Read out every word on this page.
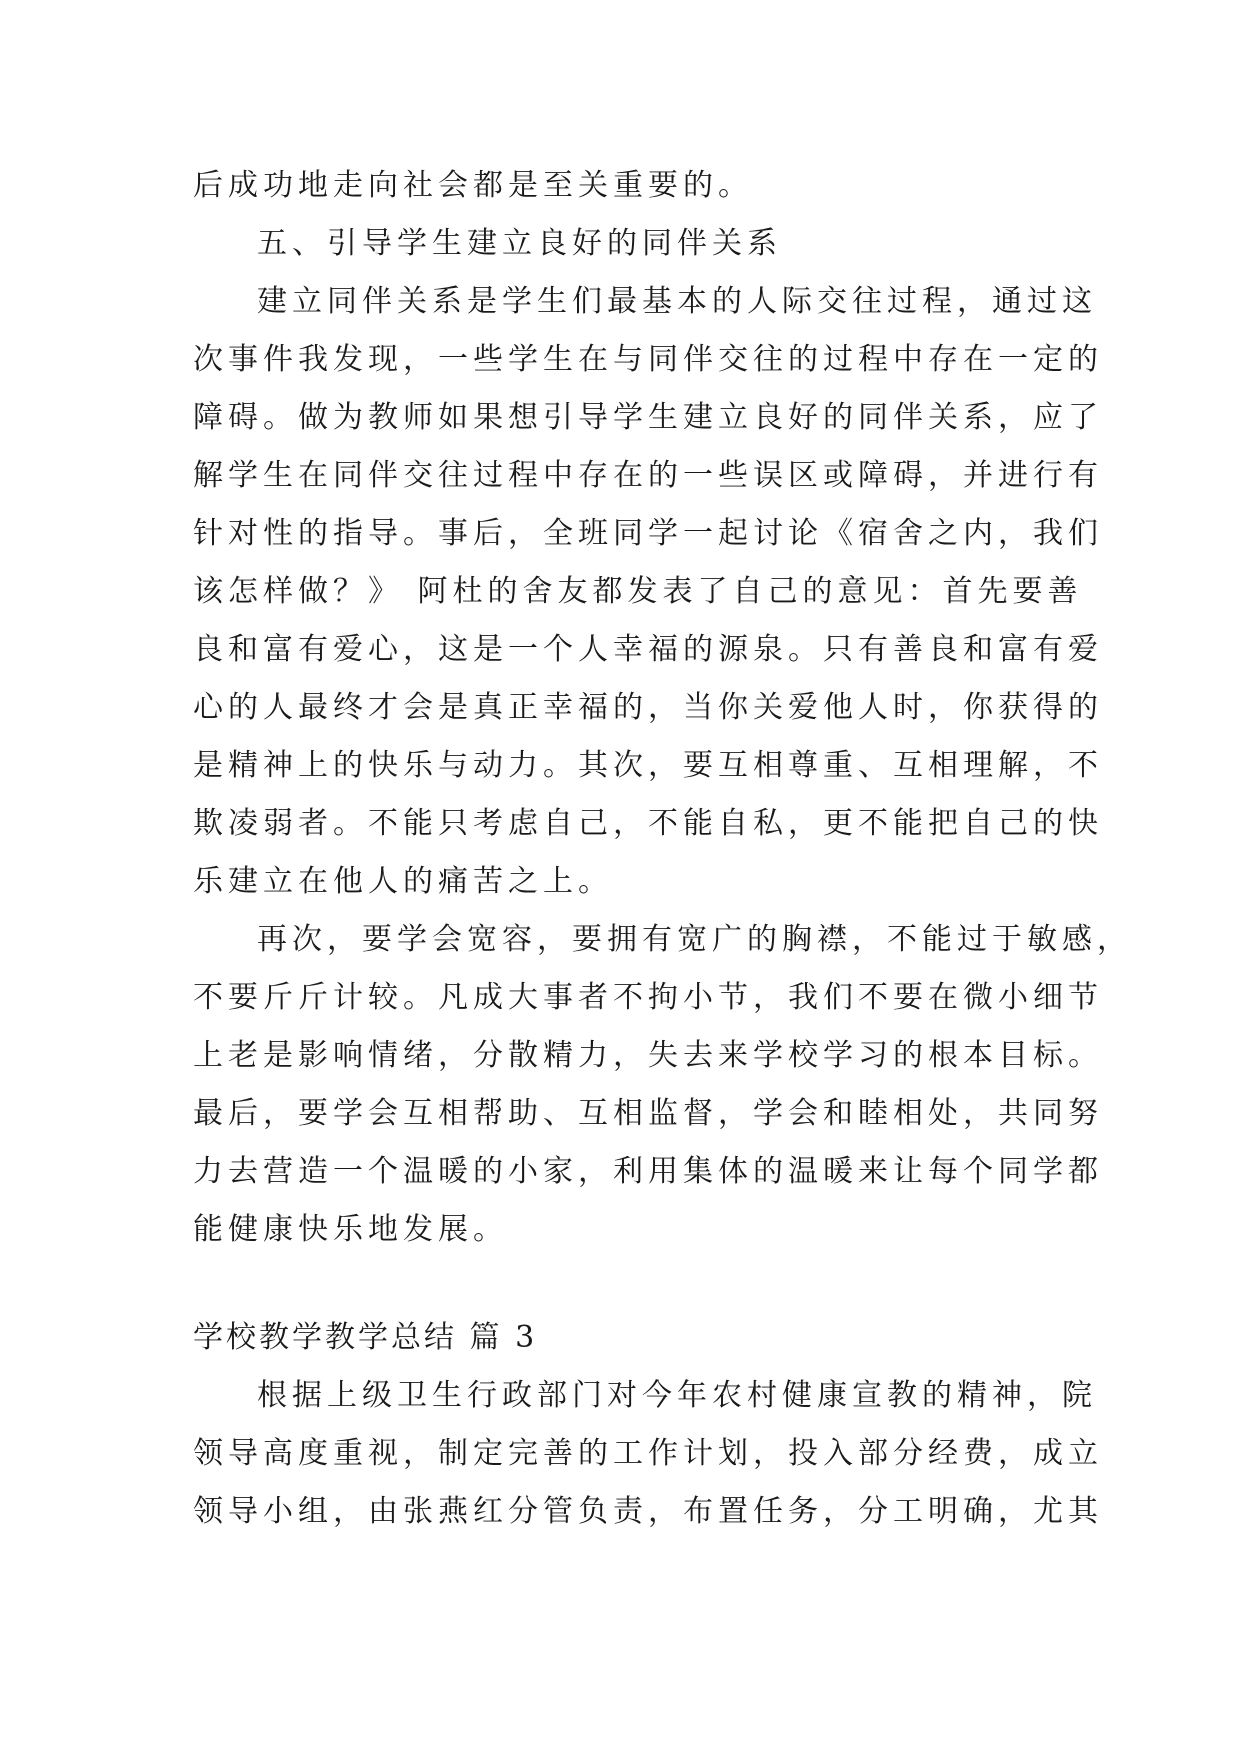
后成功地走向社会都是至关重要的。
五、引导学生建立良好的同伴关系
建立同伴关系是学生们最基本的人际交往过程，通过这
次事件我发现，一些学生在与同伴交往的过程中存在一定的
障碍。做为教师如果想引导学生建立良好的同伴关系，应了
解学生在同伴交往过程中存在的一些误区或障碍，并进行有
针对性的指导。事后，全班同学一起讨论《宿舍之内，我们
该怎样做？》 阿杜的舍友都发表了自己的意见：首先要善
良和富有爱心，这是一个人幸福的源泉。只有善良和富有爱
心的人最终才会是真正幸福的，当你关爱他人时，你获得的
是精神上的快乐与动力。其次，要互相尊重、互相理解，不
欺凌弱者。不能只考虑自己，不能自私，更不能把自己的快
乐建立在他人的痛苦之上。
再次，要学会宽容，要拥有宽广的胸襟，不能过于敏感，
不要斤斤计较。凡成大事者不拘小节，我们不要在微小细节
上老是影响情绪，分散精力，失去来学校学习的根本目标。
最后，要学会互相帮助、互相监督，学会和睦相处，共同努
力去营造一个温暖的小家，利用集体的温暖来让每个同学都
能健康快乐地发展。
学校教学教学总结 篇 3
根据上级卫生行政部门对今年农村健康宣教的精神，院
领导高度重视，制定完善的工作计划，投入部分经费，成立
领导小组，由张燕红分管负责，布置任务，分工明确，尤其
